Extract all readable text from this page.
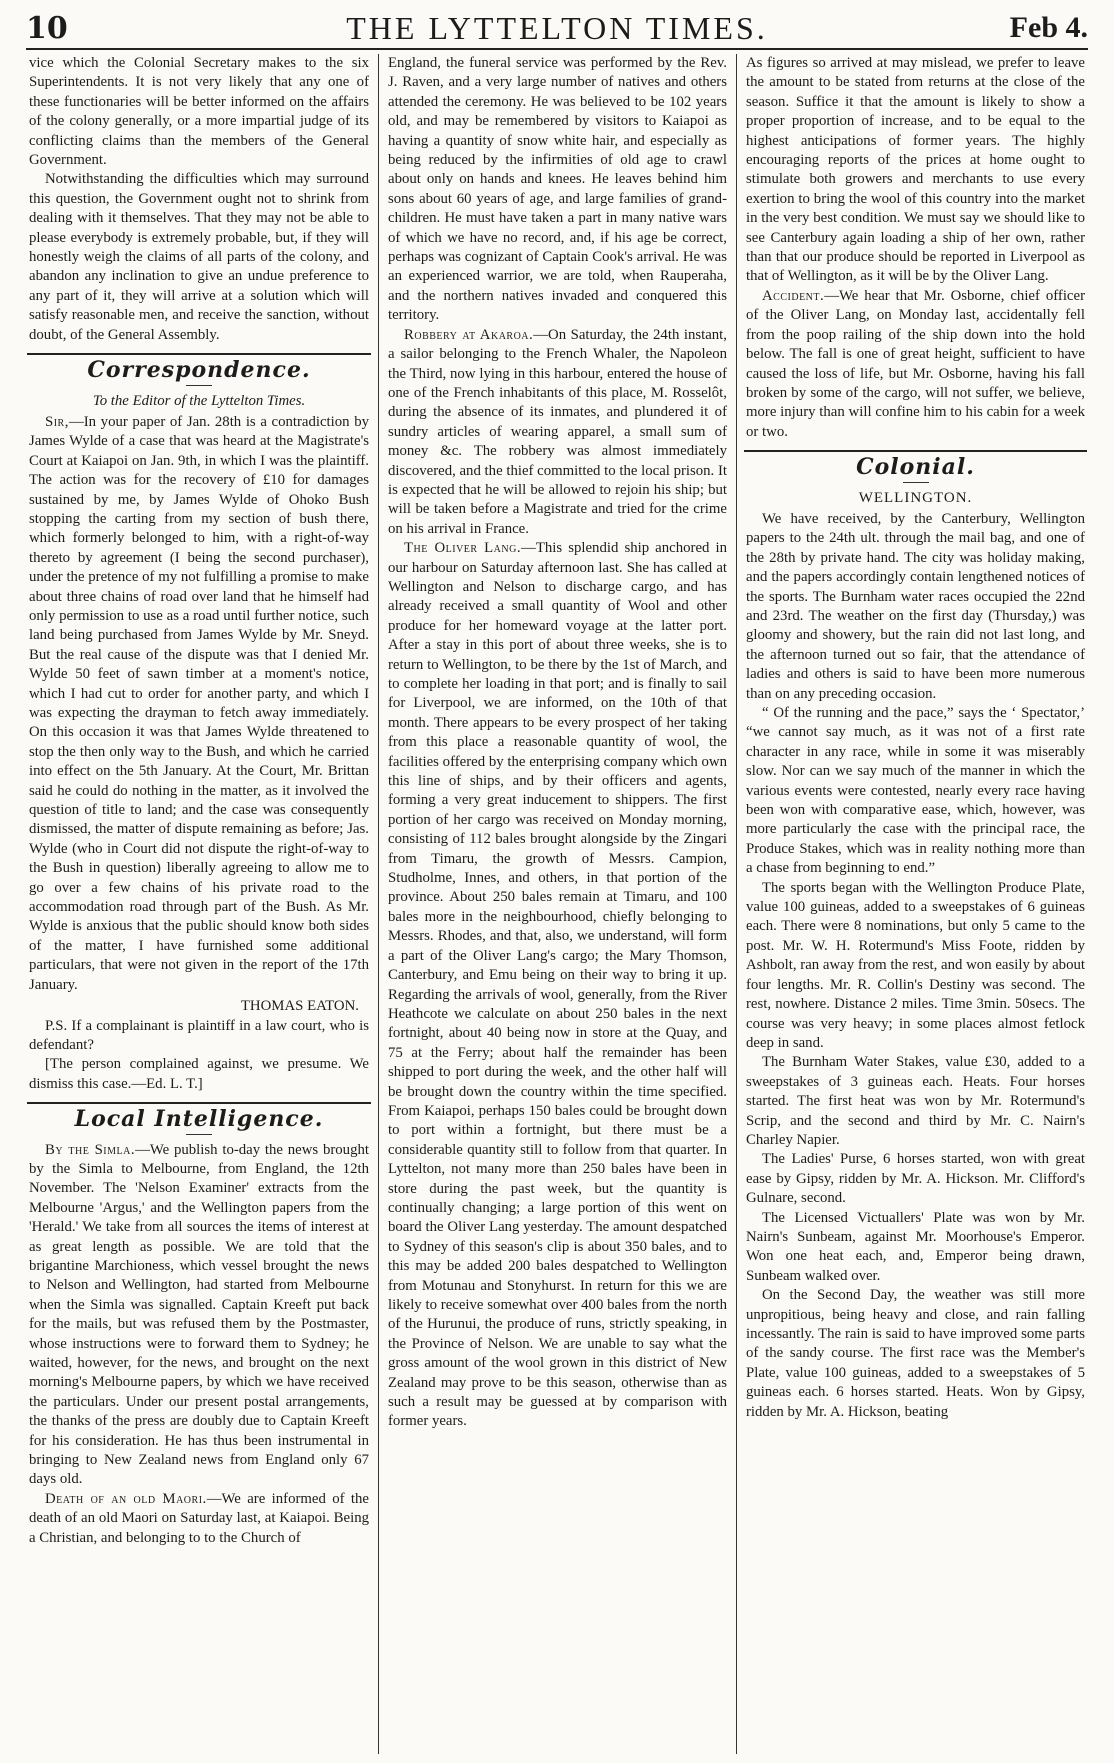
10	THE LYTTELTON TIMES.	Feb 4.

vice which the Colonial Secretary makes to the six Superintendents. It is not very likely that any one of these functionaries will be better informed on the affairs of the colony generally, or a more impartial judge of its conflicting claims than the members of the General Government.

Notwithstanding the difficulties which may surround this question, the Government ought not to shrink from dealing with it themselves. That they may not be able to please everybody is extremely probable, but, if they will honestly weigh the claims of all parts of the colony, and abandon any inclination to give an undue preference to any part of it, they will arrive at a solution which will satisfy reasonable men, and receive the sanction, without doubt, of the General Assembly.

Correspondence.

To the Editor of the Lyttelton Times.

Sir,—In your paper of Jan. 28th is a contradiction by James Wylde of a case that was heard at the Magistrate's Court at Kaiapoi on Jan. 9th, in which I was the plaintiff. The action was for the recovery of £10 for damages sustained by me, by James Wylde of Ohoko Bush stopping the carting from my section of bush there, which formerly belonged to him, with a right-of-way thereto by agreement (I being the second purchaser), under the pretence of my not fulfilling a promise to make about three chains of road over land that he himself had only permission to use as a road until further notice, such land being purchased from James Wylde by Mr. Sneyd. But the real cause of the dispute was that I denied Mr. Wylde 50 feet of sawn timber at a moment's notice, which I had cut to order for another party, and which I was expecting the drayman to fetch away immediately. On this occasion it was that James Wylde threatened to stop the then only way to the Bush, and which he carried into effect on the 5th January. At the Court, Mr. Brittan said he could do nothing in the matter, as it involved the question of title to land; and the case was consequently dismissed, the matter of dispute remaining as before; Jas. Wylde (who in Court did not dispute the right-of-way to the Bush in question) liberally agreeing to allow me to go over a few chains of his private road to the accommodation road through part of the Bush. As Mr. Wylde is anxious that the public should know both sides of the matter, I have furnished some additional particulars, that were not given in the report of the 17th January.

THOMAS EATON.

P.S. If a complainant is plaintiff in a law court, who is defendant?

[The person complained against, we presume. We dismiss this case.—Ed. L. T.]

Local Intelligence.

By the Simla.—We publish to-day the news brought by the Simla to Melbourne, from England, the 12th November. The 'Nelson Examiner' extracts from the Melbourne 'Argus,' and the Wellington papers from the 'Herald.' We take from all sources the items of interest at as great length as possible. We are told that the brigantine Marchioness, which vessel brought the news to Nelson and Wellington, had started from Melbourne when the Simla was signalled. Captain Kreeft put back for the mails, but was refused them by the Postmaster, whose instructions were to forward them to Sydney; he waited, however, for the news, and brought on the next morning's Melbourne papers, by which we have received the particulars. Under our present postal arrangements, the thanks of the press are doubly due to Captain Kreeft for his consideration. He has thus been instrumental in bringing to New Zealand news from England only 67 days old.

Death of an old Maori.—We are informed of the death of an old Maori on Saturday last, at Kaiapoi. Being a Christian, and belonging to to the Church of

England, the funeral service was performed by the Rev. J. Raven, and a very large number of natives and others attended the ceremony. He was believed to be 102 years old, and may be remembered by visitors to Kaiapoi as having a quantity of snow white hair, and especially as being reduced by the infirmities of old age to crawl about only on hands and knees. He leaves behind him sons about 60 years of age, and large families of grand-children. He must have taken a part in many native wars of which we have no record, and, if his age be correct, perhaps was cognizant of Captain Cook's arrival. He was an experienced warrior, we are told, when Rauperaha, and the northern natives invaded and conquered this territory.

Robbery at Akaroa.—On Saturday, the 24th instant, a sailor belonging to the French Whaler, the Napoleon the Third, now lying in this harbour, entered the house of one of the French inhabitants of this place, M. Rosselôt, during the absence of its inmates, and plundered it of sundry articles of wearing apparel, a small sum of money &c. The robbery was almost immediately discovered, and the thief committed to the local prison. It is expected that he will be allowed to rejoin his ship; but will be taken before a Magistrate and tried for the crime on his arrival in France.

The Oliver Lang.—This splendid ship anchored in our harbour on Saturday afternoon last. She has called at Wellington and Nelson to discharge cargo, and has already received a small quantity of Wool and other produce for her homeward voyage at the latter port. After a stay in this port of about three weeks, she is to return to Wellington, to be there by the 1st of March, and to complete her loading in that port; and is finally to sail for Liverpool, we are informed, on the 10th of that month. There appears to be every prospect of her taking from this place a reasonable quantity of wool, the facilities offered by the enterprising company which own this line of ships, and by their officers and agents, forming a very great inducement to shippers. The first portion of her cargo was received on Monday morning, consisting of 112 bales brought alongside by the Zingari from Timaru, the growth of Messrs. Campion, Studholme, Innes, and others, in that portion of the province. About 250 bales remain at Timaru, and 100 bales more in the neighbourhood, chiefly belonging to Messrs. Rhodes, and that, also, we understand, will form a part of the Oliver Lang's cargo; the Mary Thomson, Canterbury, and Emu being on their way to bring it up. Regarding the arrivals of wool, generally, from the River Heathcote we calculate on about 250 bales in the next fortnight, about 40 being now in store at the Quay, and 75 at the Ferry; about half the remainder has been shipped to port during the week, and the other half will be brought down the country within the time specified. From Kaiapoi, perhaps 150 bales could be brought down to port within a fortnight, but there must be a considerable quantity still to follow from that quarter. In Lyttelton, not many more than 250 bales have been in store during the past week, but the quantity is continually changing; a large portion of this went on board the Oliver Lang yesterday. The amount despatched to Sydney of this season's clip is about 350 bales, and to this may be added 200 bales despatched to Wellington from Motunau and Stonyhurst. In return for this we are likely to receive somewhat over 400 bales from the north of the Hurunui, the produce of runs, strictly speaking, in the Province of Nelson. We are unable to say what the gross amount of the wool grown in this district of New Zealand may prove to be this season, otherwise than as such a result may be guessed at by comparison with former years.

As figures so arrived at may mislead, we prefer to leave the amount to be stated from returns at the close of the season. Suffice it that the amount is likely to show a proper proportion of increase, and to be equal to the highest anticipations of former years. The highly encouraging reports of the prices at home ought to stimulate both growers and merchants to use every exertion to bring the wool of this country into the market in the very best condition. We must say we should like to see Canterbury again loading a ship of her own, rather than that our produce should be reported in Liverpool as that of Wellington, as it will be by the Oliver Lang.

Accident.—We hear that Mr. Osborne, chief officer of the Oliver Lang, on Monday last, accidentally fell from the poop railing of the ship down into the hold below. The fall is one of great height, sufficient to have caused the loss of life, but Mr. Osborne, having his fall broken by some of the cargo, will not suffer, we believe, more injury than will confine him to his cabin for a week or two.

Colonial.

WELLINGTON.

We have received, by the Canterbury, Wellington papers to the 24th ult. through the mail bag, and one of the 28th by private hand. The city was holiday making, and the papers accordingly contain lengthened notices of the sports. The Burnham water races occupied the 22nd and 23rd. The weather on the first day (Thursday,) was gloomy and showery, but the rain did not last long, and the afternoon turned out so fair, that the attendance of ladies and others is said to have been more numerous than on any preceding occasion.

“ Of the running and the pace,” says the ‘ Spectator,’ “we cannot say much, as it was not of a first rate character in any race, while in some it was miserably slow. Nor can we say much of the manner in which the various events were contested, nearly every race having been won with comparative ease, which, however, was more particularly the case with the principal race, the Produce Stakes, which was in reality nothing more than a chase from beginning to end.”

The sports began with the Wellington Produce Plate, value 100 guineas, added to a sweepstakes of 6 guineas each. There were 8 nominations, but only 5 came to the post. Mr. W. H. Rotermund's Miss Foote, ridden by Ashbolt, ran away from the rest, and won easily by about four lengths. Mr. R. Collin's Destiny was second. The rest, nowhere. Distance 2 miles. Time 3min. 50secs. The course was very heavy; in some places almost fetlock deep in sand.

The Burnham Water Stakes, value £30, added to a sweepstakes of 3 guineas each. Heats. Four horses started. The first heat was won by Mr. Rotermund's Scrip, and the second and third by Mr. C. Nairn's Charley Napier.

The Ladies' Purse, 6 horses started, won with great ease by Gipsy, ridden by Mr. A. Hickson. Mr. Clifford's Gulnare, second.

The Licensed Victuallers' Plate was won by Mr. Nairn's Sunbeam, against Mr. Moorhouse's Emperor. Won one heat each, and, Emperor being drawn, Sunbeam walked over.

On the Second Day, the weather was still more unpropitious, being heavy and close, and rain falling incessantly. The rain is said to have improved some parts of the sandy course. The first race was the Member's Plate, value 100 guineas, added to a sweepstakes of 5 guineas each. 6 horses started. Heats. Won by Gipsy, ridden by Mr. A. Hickson, beating
